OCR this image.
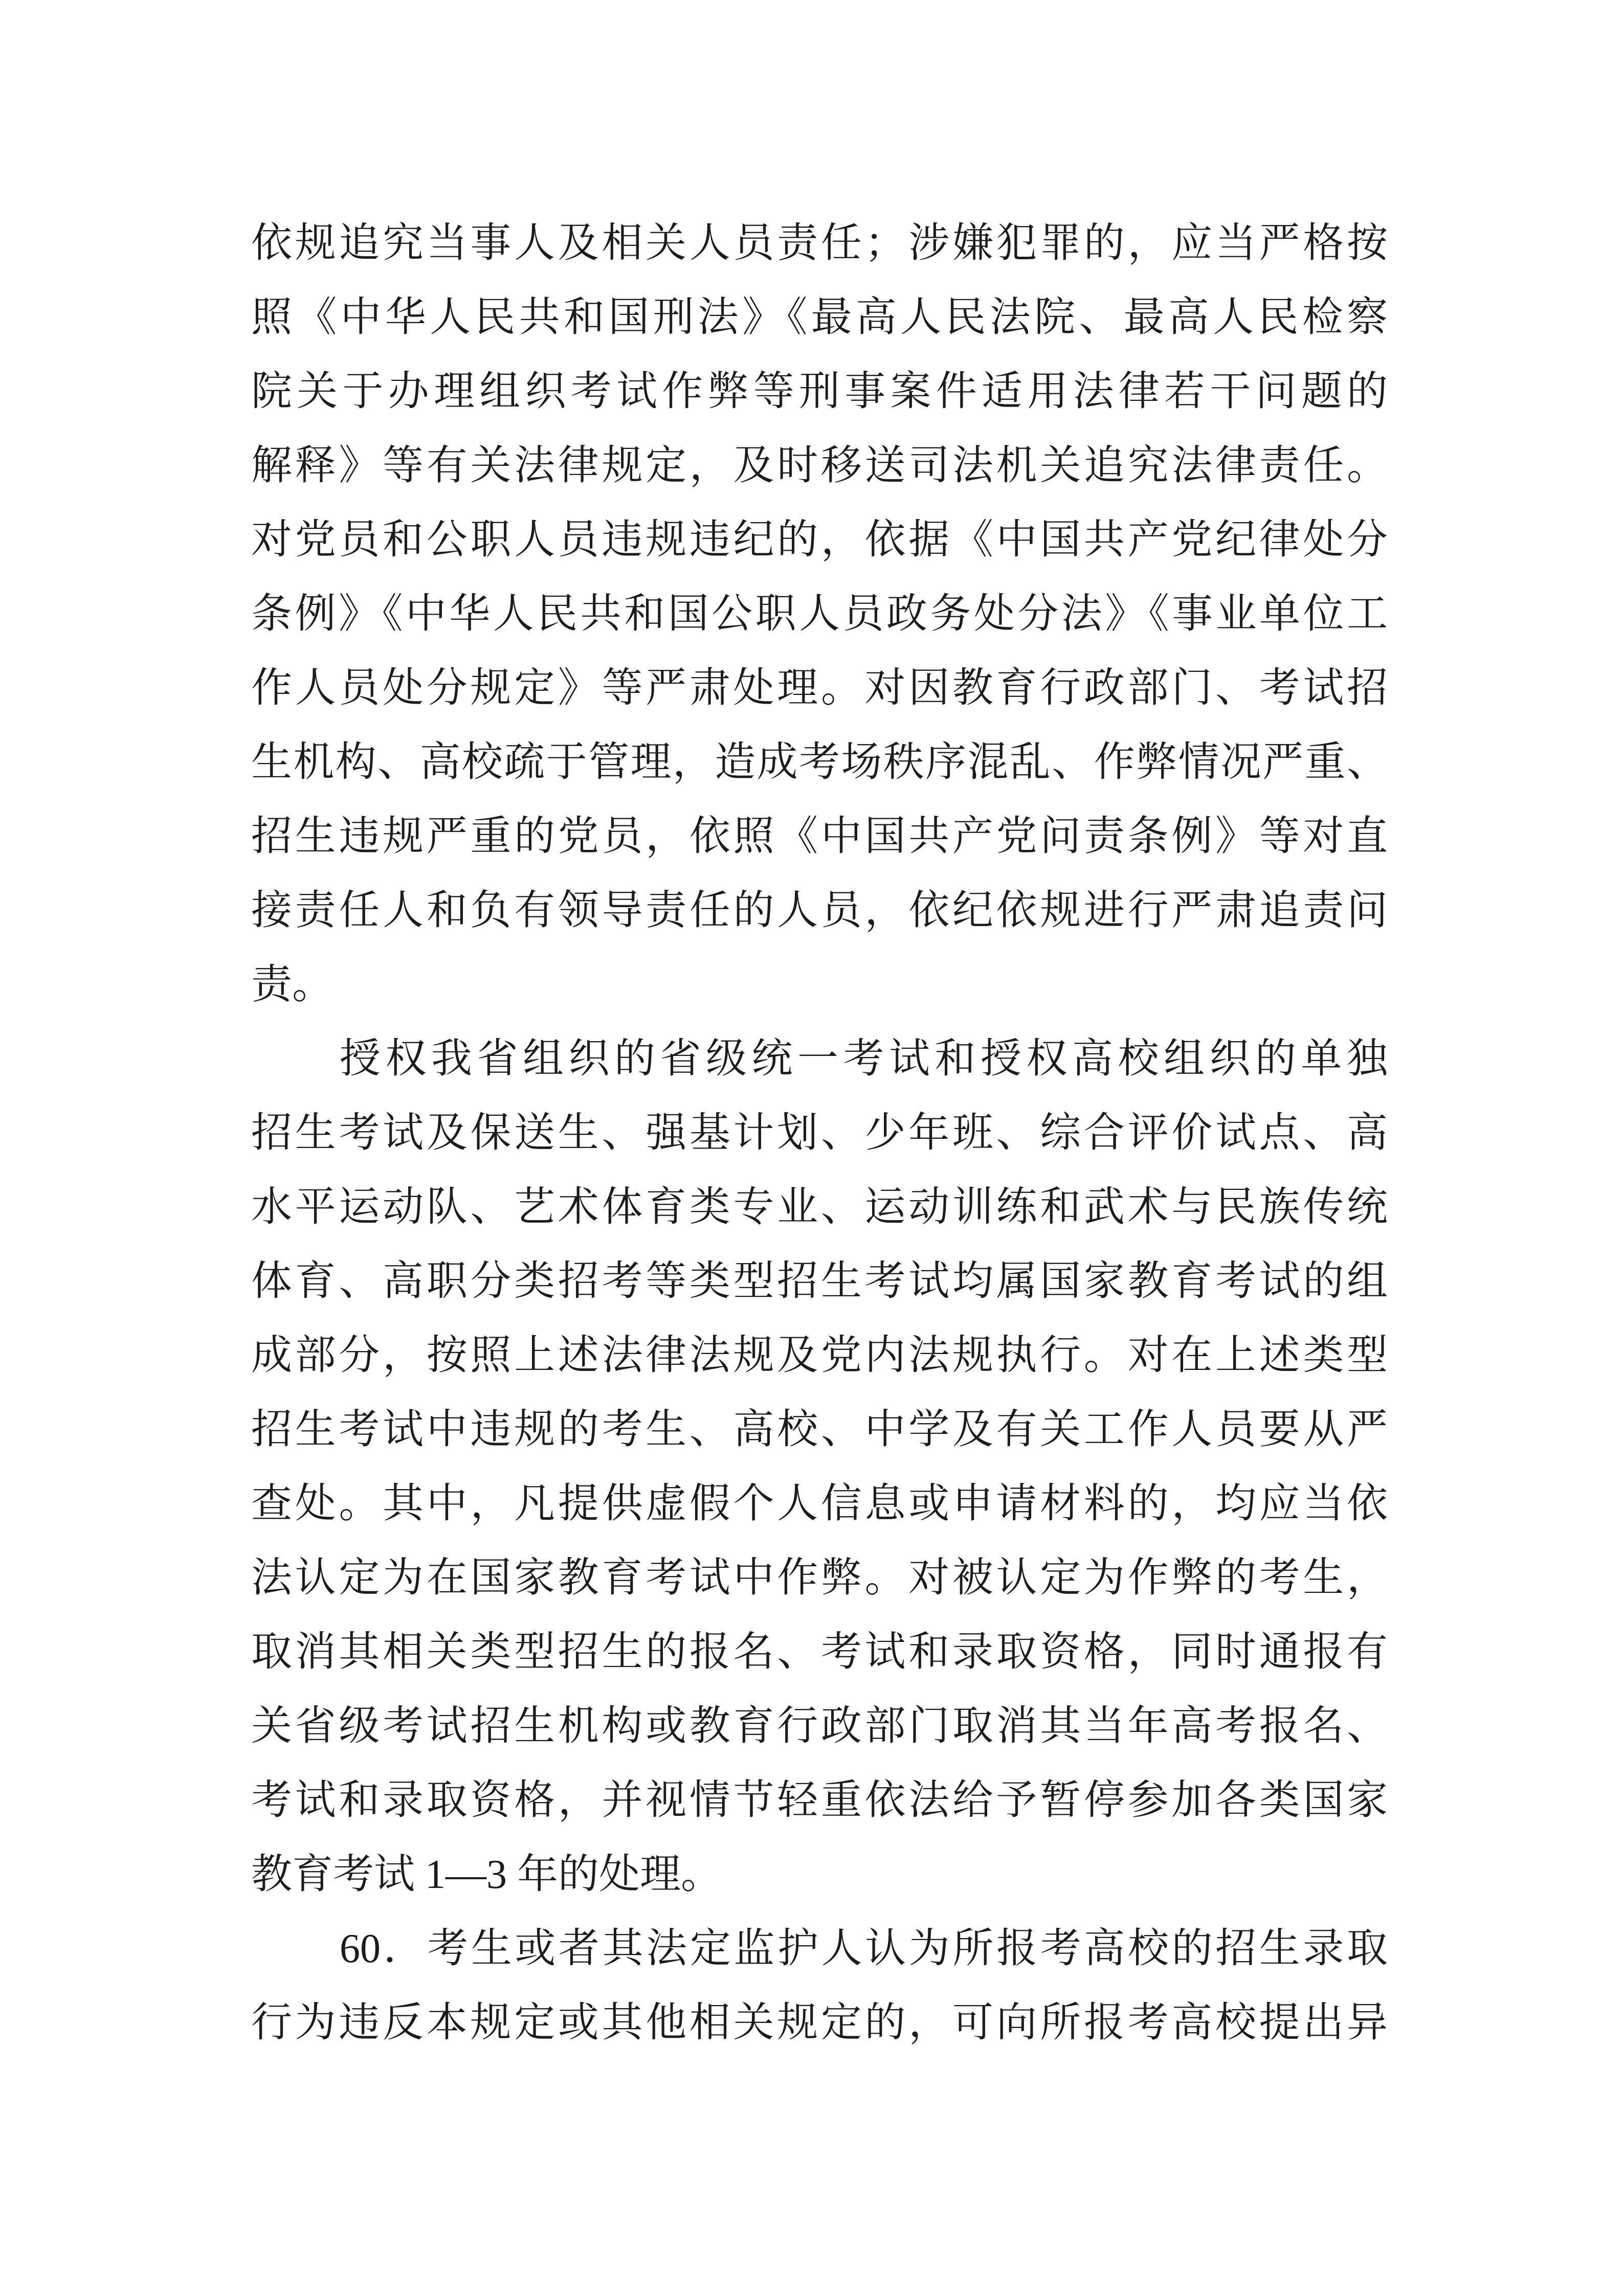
依规追究当事人及相关人员责任；涉嫌犯罪的，应当严格按
照《中华人民共和国刑法》《最高人民法院、最高人民检察
院关于办理组织考试作弊等刑事案件适用法律若干问题的
解释》等有关法律规定，及时移送司法机关追究法律责任。
对党员和公职人员违规违纪的，依据《中国共产党纪律处分
条例》《中华人民共和国公职人员政务处分法》《事业单位工
作人员处分规定》等严肃处理。对因教育行政部门、考试招
生机构、高校疏于管理，造成考场秩序混乱、作弊情况严重、
招生违规严重的党员，依照《中国共产党问责条例》等对直
接责任人和负有领导责任的人员，依纪依规进行严肃追责问
责。
授权我省组织的省级统一考试和授权高校组织的单独
招生考试及保送生、强基计划、少年班、综合评价试点、高
水平运动队、艺术体育类专业、运动训练和武术与民族传统
体育、高职分类招考等类型招生考试均属国家教育考试的组
成部分，按照上述法律法规及党内法规执行。对在上述类型
招生考试中违规的考生、高校、中学及有关工作人员要从严
查处。其中，凡提供虚假个人信息或申请材料的，均应当依
法认定为在国家教育考试中作弊。对被认定为作弊的考生，
取消其相关类型招生的报名、考试和录取资格，同时通报有
关省级考试招生机构或教育行政部门取消其当年高考报名、
考试和录取资格，并视情节轻重依法给予暂停参加各类国家
教育考试 1—3 年的处理。
60．考生或者其法定监护人认为所报考高校的招生录取
行为违反本规定或其他相关规定的，可向所报考高校提出异
